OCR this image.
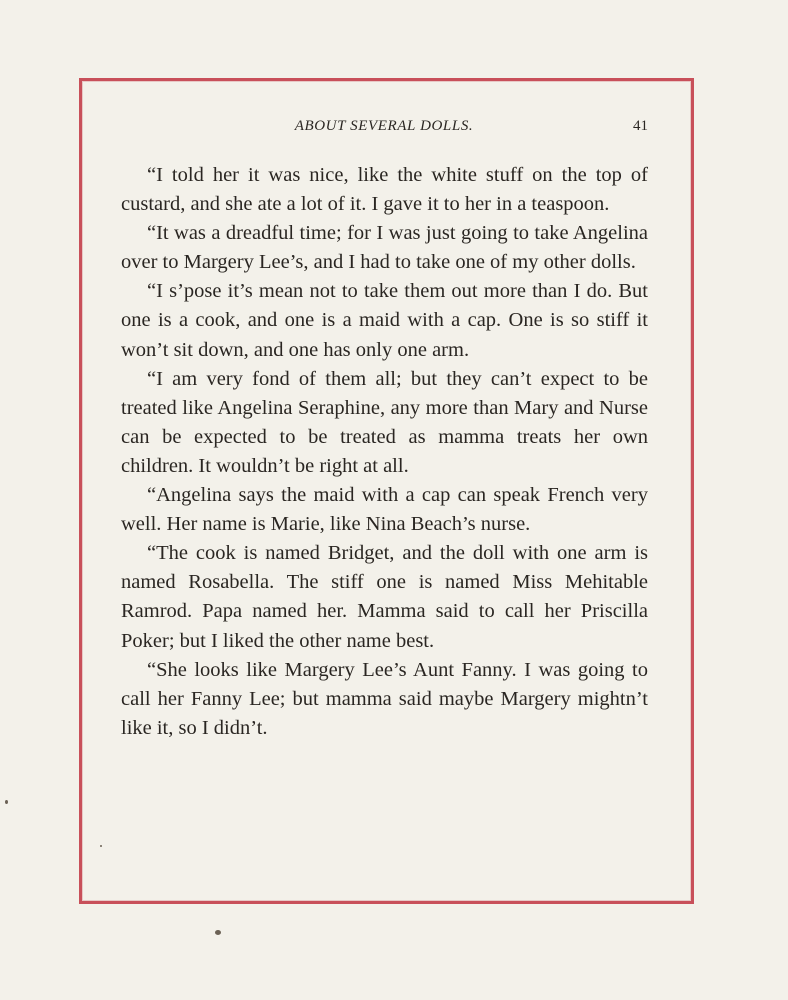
ABOUT SEVERAL DOLLS.	41

“I told her it was nice, like the white stuff on the top of custard, and she ate a lot of it. I gave it to her in a teaspoon.

“It was a dreadful time; for I was just going to take Angelina over to Margery Lee’s, and I had to take one of my other dolls.

“I s’pose it’s mean not to take them out more than I do. But one is a cook, and one is a maid with a cap. One is so stiff it won’t sit down, and one has only one arm.

“I am very fond of them all; but they can’t expect to be treated like Angelina Seraphine, any more than Mary and Nurse can be expected to be treated as mamma treats her own children. It wouldn’t be right at all.

“Angelina says the maid with a cap can speak French very well. Her name is Marie, like Nina Beach’s nurse.

“The cook is named Bridget, and the doll with one arm is named Rosabella. The stiff one is named Miss Mehitable Ramrod. Papa named her. Mamma said to call her Priscilla Poker; but I liked the other name best.

“She looks like Margery Lee’s Aunt Fanny. I was going to call her Fanny Lee; but mamma said maybe Margery mightn’t like it, so I didn’t.
